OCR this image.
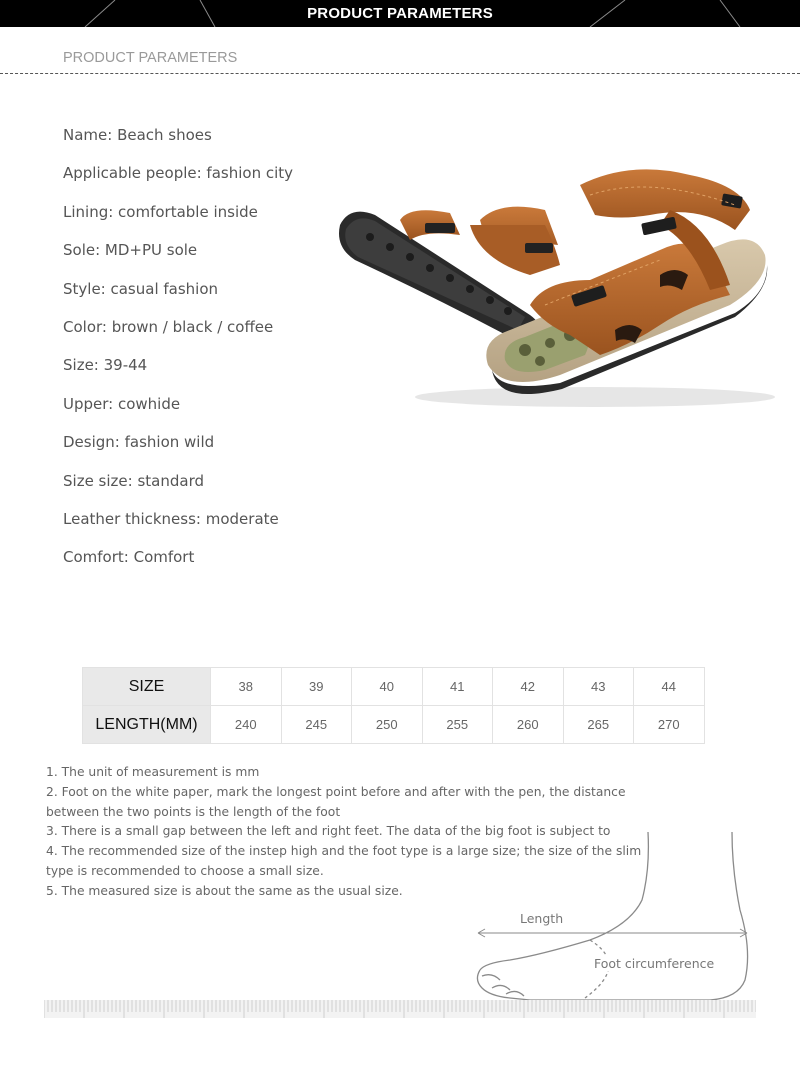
PRODUCT PARAMETERS
PRODUCT PARAMETERS
Name: Beach shoes
Applicable people: fashion city
Lining: comfortable inside
Sole: MD+PU sole
Style: casual fashion
Color: brown / black / coffee
Size: 39-44
Upper: cowhide
Design: fashion wild
Size size: standard
Leather thickness: moderate
Comfort: Comfort
SIZE	38	39	40	41	42	43	44
LENGTH(MM)	240	245	250	255	260	265	270
Length
Foot circumference
1. The unit of measurement is mm
2. Foot on the white paper, mark the longest point before and after with the pen, the distance between the two points is the length of the foot
3. There is a small gap between the left and right feet. The data of the big foot is subject to
4. The recommended size of the instep high and the foot type is a large size; the size of the slim type is recommended to choose a small size.
5. The measured size is about the same as the usual size.
